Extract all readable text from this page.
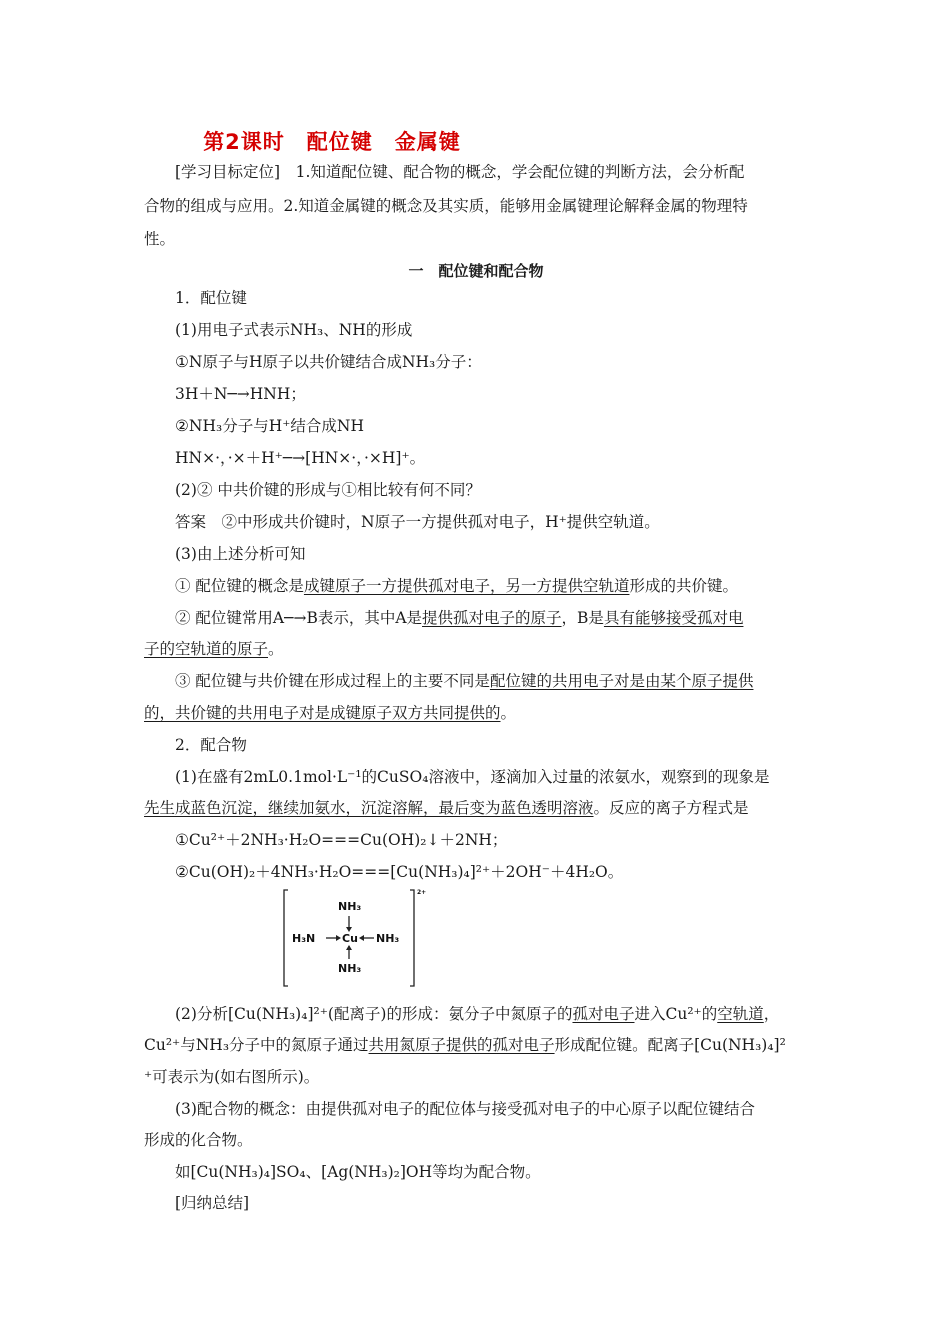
第2课时　配位键　金属键
[学习目标定位]　 1.知道配位键、配合物的概念，学会配位键的判断方法，会分析配
合物的组成与应用。2.知道金属键的概念及其实质，能够用金属键理论解释金属的物理特
性。
一　配位键和配合物
1．配位键
(1)用电子式表示NH₃、NH的形成
①N原子与H原子以共价键结合成NH₃分子：
3H＋N─→HNH；
②NH₃分子与H⁺结合成NH
HN×·，·×＋H⁺─→[HN×·，·×H]⁺。
(2)② 中共价键的形成与①相比较有何不同？
答案　②中形成共价键时，N原子一方提供孤对电子，H⁺提供空轨道。
(3)由上述分析可知
① 配位键的概念是成键原子一方提供孤对电子，另一方提供空轨道形成的共价键。
② 配位键常用A─→B表示，其中A是提供孤对电子的原子，B是具有能够接受孤对电
子的空轨道的原子。
③ 配位键与共价键在形成过程上的主要不同是配位键的共用电子对是由某个原子提供
的，共价键的共用电子对是成键原子双方共同提供的。
2．配合物
(1)在盛有2mL0.1mol·L⁻¹的CuSO₄溶液中，逐滴加入过量的浓氨水，观察到的现象是
先生成蓝色沉淀，继续加氨水，沉淀溶解，最后变为蓝色透明溶液。反应的离子方程式是
①Cu²⁺＋2NH₃·H₂O===Cu(OH)₂↓＋2NH；
②Cu(OH)₂＋4NH₃·H₂O===[Cu(NH₃)₄]²⁺＋2OH⁻＋4H₂O。
NH₃
H₃N Cu NH₃
NH₃
2+
(2)分析[Cu(NH₃)₄]²⁺(配离子)的形成：氨分子中氮原子的孤对电子进入Cu²⁺的空轨道，
Cu²⁺与NH₃分子中的氮原子通过共用氮原子提供的孤对电子形成配位键。配离子[Cu(NH₃)₄]²
⁺可表示为(如右图所示)。
(3)配合物的概念：由提供孤对电子的配位体与接受孤对电子的中心原子以配位键结合
形成的化合物。
如[Cu(NH₃)₄]SO₄、[Ag(NH₃)₂]OH等均为配合物。
[归纳总结]
